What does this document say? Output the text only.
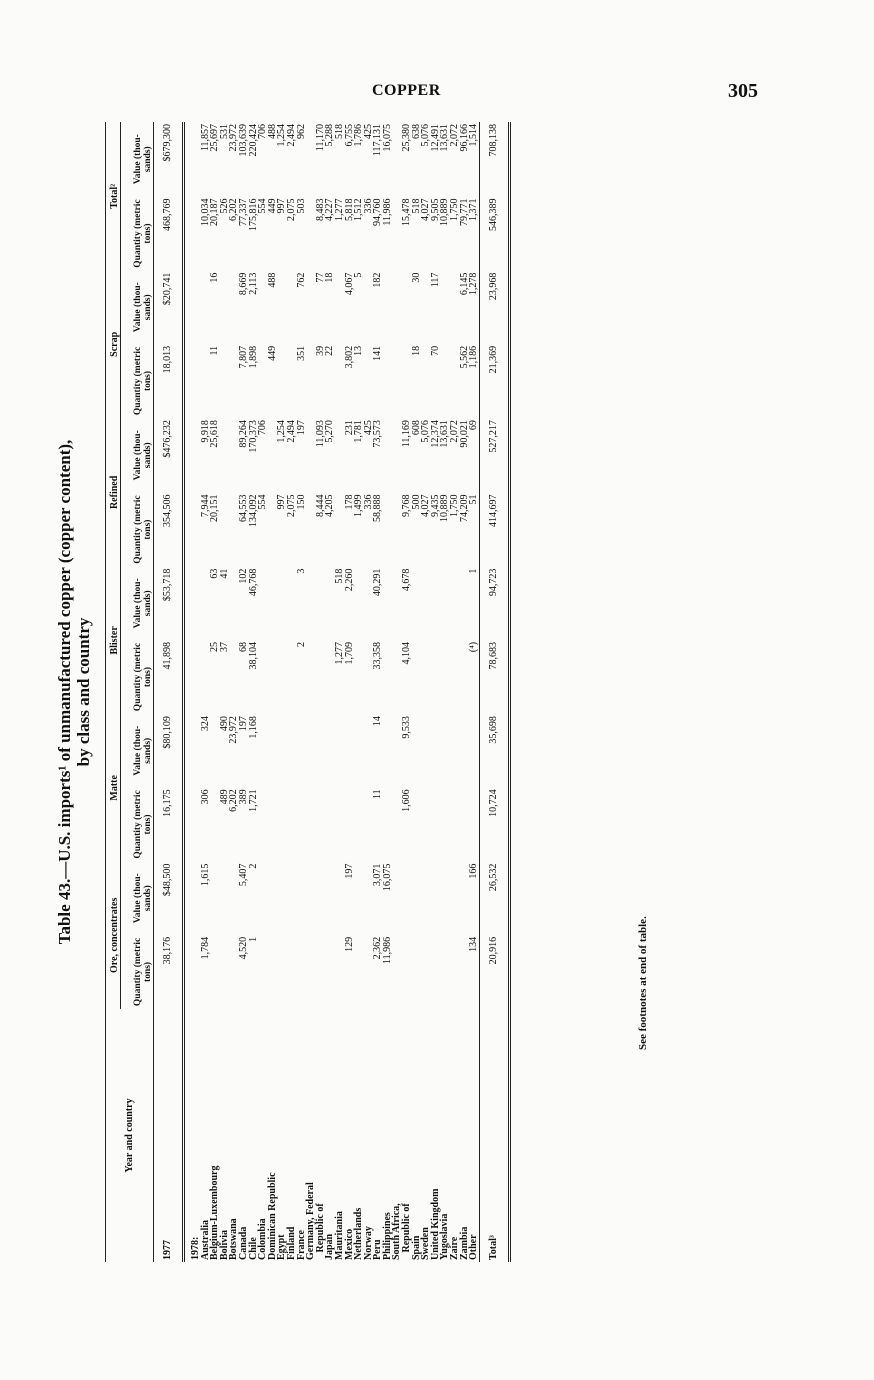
COPPER	305
Table 43.—U.S. imports¹ of unmanufactured copper (copper content), by class and country
Year and country	Ore, concentrates		Matte		Blister		Refined		Scrap		Total²	
	Quantity (metric tons)	Value (thou- sands)	Quantity (metric tons)	Value (thou- sands)	Quantity (metric tons)	Value (thou- sands)	Quantity (metric tons)	Value (thou- sands)	Quantity (metric tons)	Value (thou- sands)	Quantity (metric tons)	Value (thou- sands)
1977	38,176	$48,500	16,175	$80,109	41,898	$53,718	354,506	$476,232	18,013	$20,741	468,769	$679,300
1978:												
Australia	1,784	1,615	306	324			7,944	9,918			10,034	11,857
Belgium-Luxembourg					25	63	20,151	25,618	11	16	20,187	25,697
Bolivia			489	490	37	41					526	531
Botswana			6,202	23,972							6,202	23,972
Canada	4,520	5,407	389	197	68	102	64,553	89,264	7,807	8,669	77,337	103,639
Chile	1	2	1,721	1,168	38,104	46,768	134,092	170,373	1,898	2,113	175,816	220,424
Colombia							554	706			554	706
Dominican Republic									449	488	449	488
Egypt							997	1,254			997	1,254
Finland							2,075	2,494			2,075	2,494
France					2	3	150	197	351	762	503	962
Germany, Federal												
Republic of							8,444	11,093	39	77	8,483	11,170
Japan							4,205	5,270	22	18	4,227	5,288
Mauritania					1,277	518					1,277	518
Mexico	129	197			1,709	2,260	178	231	3,802	4,067	5,818	6,755
Netherlands							1,499	1,781	13	5	1,512	1,786
Norway							336	425			336	425
Peru	2,362	3,071	11	14	33,358	40,291	58,888	73,573	141	182	94,760	117,131
Philippines	11,986	16,075									11,986	16,075
South Africa,												
Republic of			1,606	9,533	4,104	4,678	9,768	11,169			15,478	25,380
Spain							500	608	18	30	518	638
Sweden							4,027	5,076			4,027	5,076
United Kingdom							9,435	12,374	70	117	9,505	12,491
Yugoslavia							10,889	13,631			10,889	13,631
Zaire							1,750	2,072			1,750	2,072
Zambia							74,209	90,021	5,562	6,145	79,771	96,166
Other	134	166			(⁴)	1	51	69	1,186	1,278	1,371	1,514
Total³	20,916	26,532	10,724	35,698	78,683	94,723	414,697	527,217	21,369	23,968	546,389	708,138
See footnotes at end of table.
